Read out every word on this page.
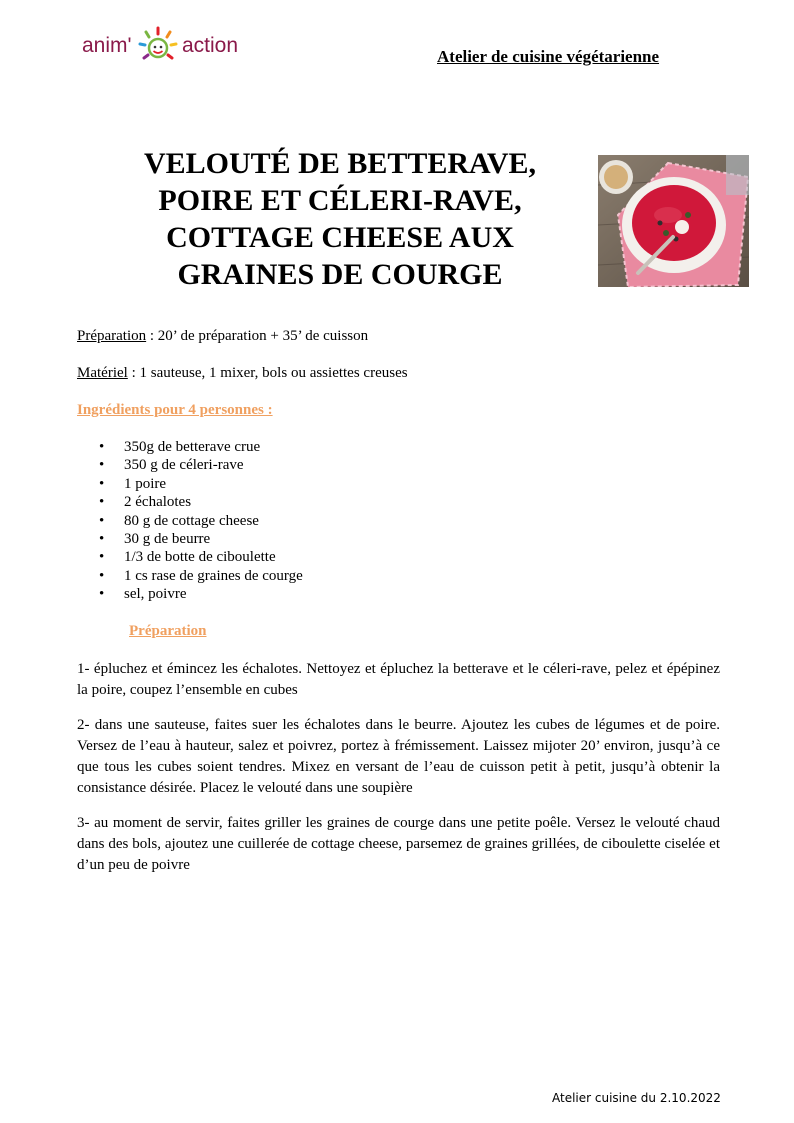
anim' action	Atelier de cuisine végétarienne
VELOUTÉ DE BETTERAVE,
POIRE ET CÉLERI-RAVE,
COTTAGE CHEESE AUX
GRAINES DE COURGE
Préparation : 20’ de préparation + 35’ de cuisson
Matériel : 1 sauteuse, 1 mixer, bols ou assiettes creuses
Ingrédients pour 4 personnes :
• 350g de betterave crue
• 350 g de céleri-rave
• 1 poire
• 2 échalotes
• 80 g de cottage cheese
• 30 g de beurre
• 1/3 de botte de ciboulette
• 1 cs rase de graines de courge
• sel, poivre
Préparation
1- épluchez et émincez les échalotes. Nettoyez et épluchez la betterave et le céleri-rave, pelez et épépinez la poire, coupez l’ensemble en cubes
2- dans une sauteuse, faites suer les échalotes dans le beurre. Ajoutez les cubes de légumes et de poire. Versez de l’eau à hauteur, salez et poivrez, portez à frémissement. Laissez mijoter 20’ environ, jusqu’à ce que tous les cubes soient tendres. Mixez en versant de l’eau de cuisson petit à petit, jusqu’à obtenir la consistance désirée. Placez le velouté dans une soupière
3- au moment de servir, faites griller les graines de courge dans une petite poêle. Versez le velouté chaud dans des bols, ajoutez une cuillerée de cottage cheese, parsemez de graines grillées, de ciboulette ciselée et d’un peu de poivre
Atelier cuisine du 2.10.2022
